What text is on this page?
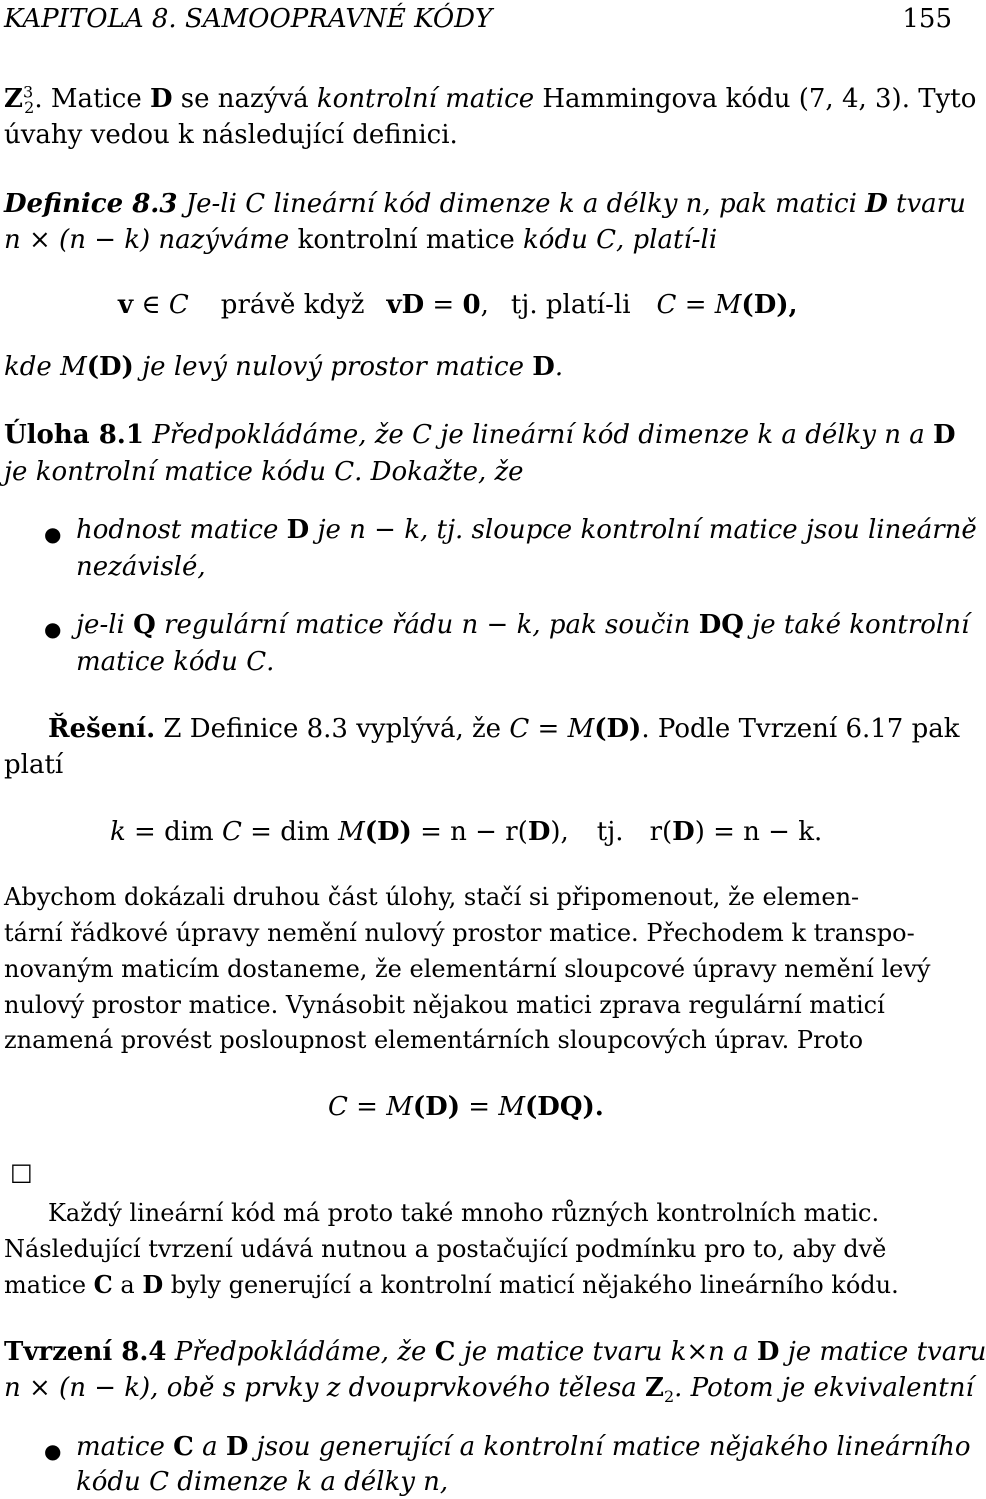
KAPITOLA 8. SAMOOPRAVNÉ KÓDY	155
$Z^3_2$. Matice D se nazývá kontrolní matice Hammingova kódu (7, 4, 3). Tyto
úvahy vedou k následující definici.
Definice 8.3 Je-li C lineární kód dimenze k a délky n, pak matici D tvaru
n × (n − k) nazýváme kontrolní matice kódu C, platí-li
v ∈ C právě když vD = 0, tj. platí-li C = M(D),
kde M(D) je levý nulový prostor matice D.
Úloha 8.1 Předpokládáme, že C je lineární kód dimenze k a délky n a D
je kontrolní matice kódu C. Dokažte, že
● hodnost matice D je n − k, tj. sloupce kontrolní matice jsou lineárně
nezávislé,
● je-li Q regulární matice řádu n − k, pak součin DQ je také kontrolní
matice kódu C.
Řešení. Z Definice 8.3 vyplývá, že C = M(D). Podle Tvrzení 6.17 pak
platí
k = dim C = dim M(D) = n − r(D), tj. r(D) = n − k.
Abychom dokázali druhou část úlohy, stačí si připomenout, že elemen-
tární řádkové úpravy nemění nulový prostor matice. Přechodem k transpo-
novaným maticím dostaneme, že elementární sloupcové úpravy nemění levý
nulový prostor matice. Vynásobit nějakou matici zprava regulární maticí
znamená provést posloupnost elementárních sloupcových úprav. Proto
C = M(D) = M(DQ).
□
Každý lineární kód má proto také mnoho různých kontrolních matic.
Následující tvrzení udává nutnou a postačující podmínku pro to, aby dvě
matice C a D byly generující a kontrolní maticí nějakého lineárního kódu.
Tvrzení 8.4 Předpokládáme, že C je matice tvaru k×n a D je matice tvaru
n × (n − k), obě s prvky z dvouprvkového tělesa $Z_2$. Potom je ekvivalentní
● matice C a D jsou generující a kontrolní matice nějakého lineárního
kódu C dimenze k a délky n,
